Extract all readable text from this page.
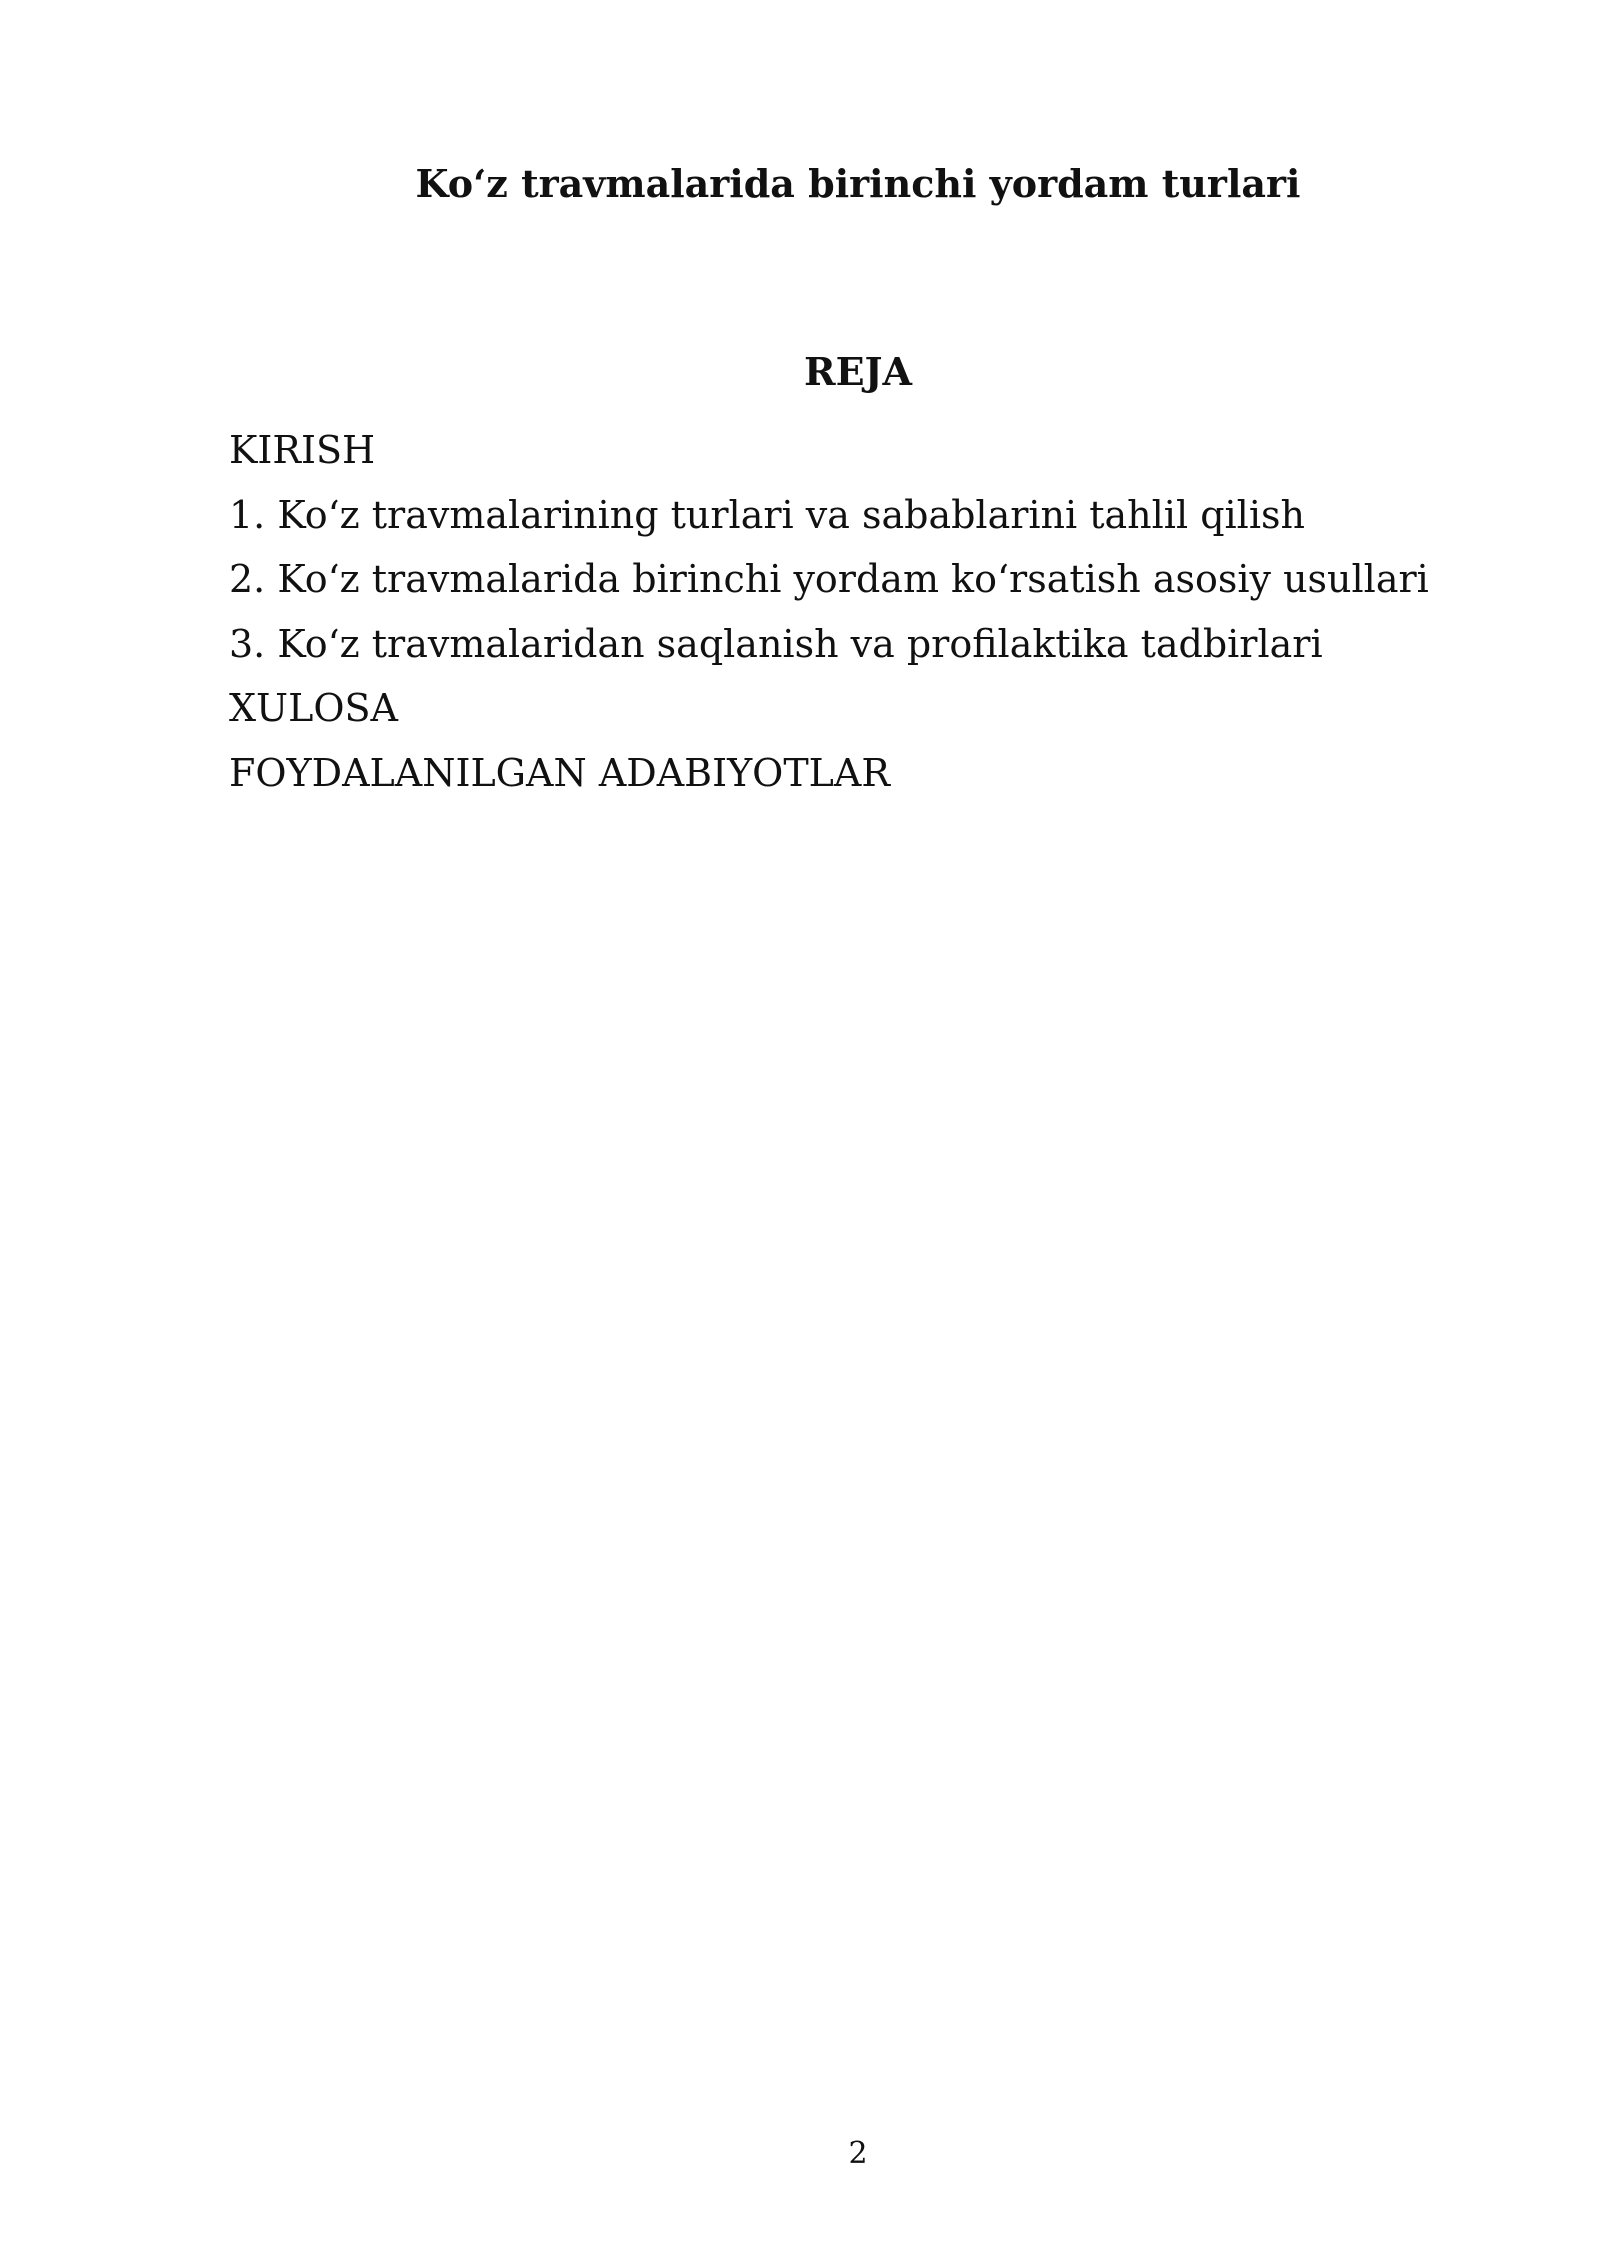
Ko‘z travmalarida birinchi yordam turlari
REJA
KIRISH
1. Ko‘z travmalarining turlari va sabablarini tahlil qilish
2. Ko‘z travmalarida birinchi yordam ko‘rsatish asosiy usullari
3. Ko‘z travmalaridan saqlanish va profilaktika tadbirlari
XULOSA
FOYDALANILGAN ADABIYOTLAR
2
